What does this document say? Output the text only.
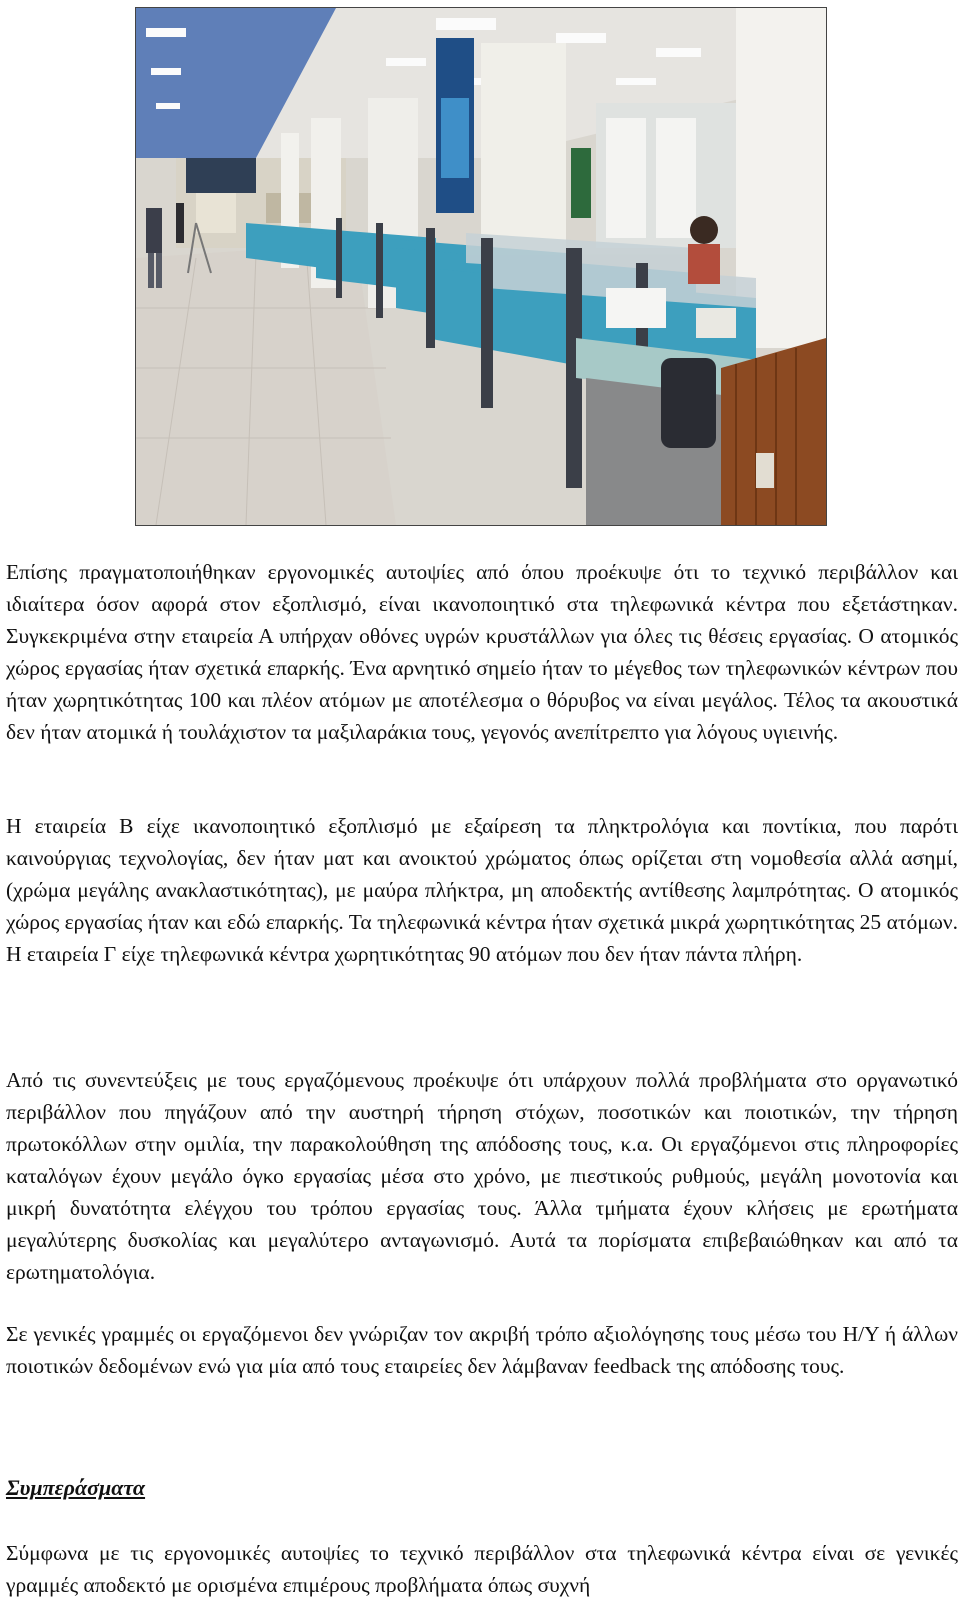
Επίσης πραγματοποιήθηκαν εργονομικές αυτοψίες από όπου προέκυψε ότι το τεχνικό περιβάλλον και ιδιαίτερα όσον αφορά στον εξοπλισμό, είναι ικανοποιητικό στα τηλεφωνικά κέντρα που εξετάστηκαν. Συγκεκριμένα στην εταιρεία Α υπήρχαν οθόνες υγρών κρυστάλλων για όλες τις θέσεις εργασίας. Ο ατομικός χώρος εργασίας ήταν σχετικά επαρκής. Ένα αρνητικό σημείο ήταν το μέγεθος των τηλεφωνικών κέντρων που ήταν χωρητικότητας 100 και πλέον ατόμων με αποτέλεσμα ο θόρυβος να είναι μεγάλος. Τέλος τα ακουστικά δεν ήταν ατομικά ή τουλάχιστον τα μαξιλαράκια τους, γεγονός ανεπίτρεπτο για λόγους υγιεινής.

Η εταιρεία Β είχε ικανοποιητικό εξοπλισμό με εξαίρεση τα πληκτρολόγια και ποντίκια, που παρότι καινούργιας τεχνολογίας, δεν ήταν ματ και ανοικτού χρώματος όπως ορίζεται στη νομοθεσία αλλά ασημί, (χρώμα μεγάλης ανακλαστικότητας), με μαύρα πλήκτρα, μη αποδεκτής αντίθεσης λαμπρότητας. Ο ατομικός χώρος εργασίας ήταν και εδώ επαρκής. Τα τηλεφωνικά κέντρα ήταν σχετικά μικρά χωρητικότητας 25 ατόμων. Η εταιρεία Γ είχε τηλεφωνικά κέντρα χωρητικότητας 90 ατόμων που δεν ήταν πάντα πλήρη.

Από τις συνεντεύξεις με τους εργαζόμενους προέκυψε ότι υπάρχουν πολλά προβλήματα στο οργανωτικό περιβάλλον που πηγάζουν από την αυστηρή τήρηση στόχων, ποσοτικών και ποιοτικών, την τήρηση πρωτοκόλλων στην ομιλία, την παρακολούθηση της απόδοσης τους, κ.α. Οι εργαζόμενοι στις πληροφορίες καταλόγων έχουν μεγάλο όγκο εργασίας μέσα στο χρόνο, με πιεστικούς ρυθμούς, μεγάλη μονοτονία και μικρή δυνατότητα ελέγχου του τρόπου εργασίας τους. Άλλα τμήματα έχουν κλήσεις με ερωτήματα μεγαλύτερης δυσκολίας και μεγαλύτερο ανταγωνισμό. Αυτά τα πορίσματα επιβεβαιώθηκαν και από τα ερωτηματολόγια.

Σε γενικές γραμμές οι εργαζόμενοι δεν γνώριζαν τον ακριβή τρόπο αξιολόγησης τους μέσω του Η/Υ ή άλλων ποιοτικών δεδομένων ενώ για μία από τους εταιρείες δεν λάμβαναν feedback της απόδοσης τους.

Συμπεράσματα

Σύμφωνα με τις εργονομικές αυτοψίες το τεχνικό περιβάλλον στα τηλεφωνικά κέντρα είναι σε γενικές γραμμές αποδεκτό με ορισμένα επιμέρους προβλήματα όπως συχνή
